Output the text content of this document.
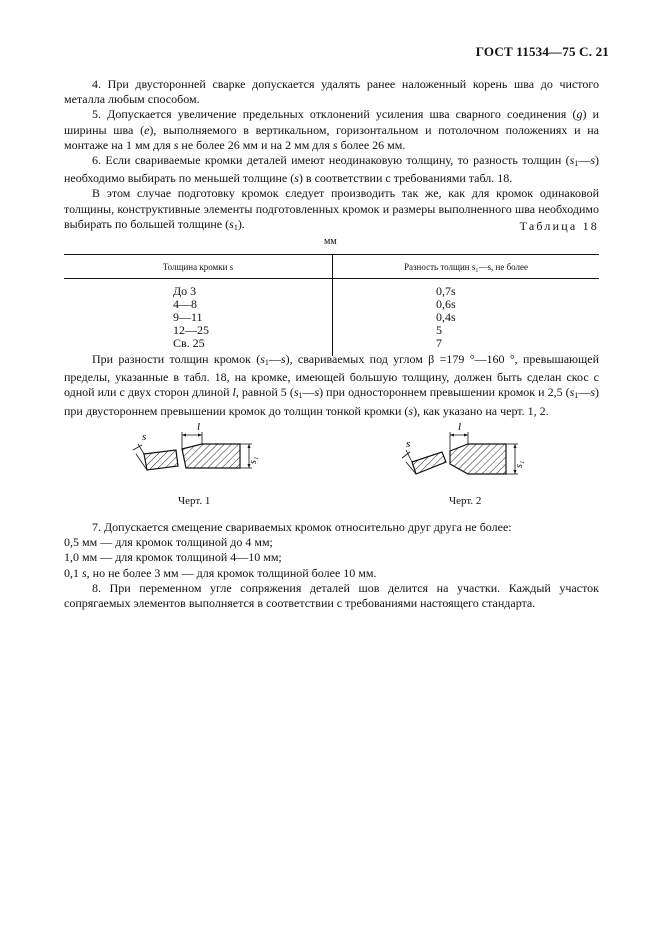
ГОСТ 11534—75 С. 21

4. При двусторонней сварке допускается удалять ранее наложенный корень шва до чистого металла любым способом.

5. Допускается увеличение предельных отклонений усиления шва сварного соединения (g) и ширины шва (e), выполняемого в вертикальном, горизонтальном и потолочном положениях и на монтаже на 1 мм для s не более 26 мм и на 2 мм для s более 26 мм.

6. Если свариваемые кромки деталей имеют неодинаковую толщину, то разность толщин $(s_1—s)$ необходимо выбирать по меньшей толщине (s) в соответствии с требованиями табл. 18.

В этом случае подготовку кромок следует производить так же, как для кромок одинаковой толщины, конструктивные элементы подготовленных кромок и размеры выполненного шва необходимо выбирать по большей толщине $(s_1)$.	Таблица 18
мм
Толщина кромки s	Разность толщин s₁—s, не более

До 3	0,7s

4—8	0,6s

9—11	0,4s

12—25	5

Св. 25	7

При разности толщин кромок $(s_1—s)$, свариваемых под углом β =179 °—160 °, превышающей пределы, указанные в табл. 18, на кромке, имеющей большую толщину, должен быть сделан скос с одной или с двух сторон длиной l, равной 5 $(s_1—s)$ при одностороннем превышении кромок и 2,5 $(s_1—s)$ при двустороннем превышении кромок до толщин тонкой кромки (s), как указано на черт. 1, 2.

l
s₁
s
Черт. 1
l
s₁
s
Черт. 2

7. Допускается смещение свариваемых кромок относительно друг друга не более:

0,5 мм — для кромок толщиной до 4 мм;

1,0 мм — для кромок толщиной 4—10 мм;

0,1 s, но не более 3 мм — для кромок толщиной более 10 мм.

8. При переменном угле сопряжения деталей шов делится на участки. Каждый участок сопрягаемых элементов выполняется в соответствии с требованиями настоящего стандарта.
